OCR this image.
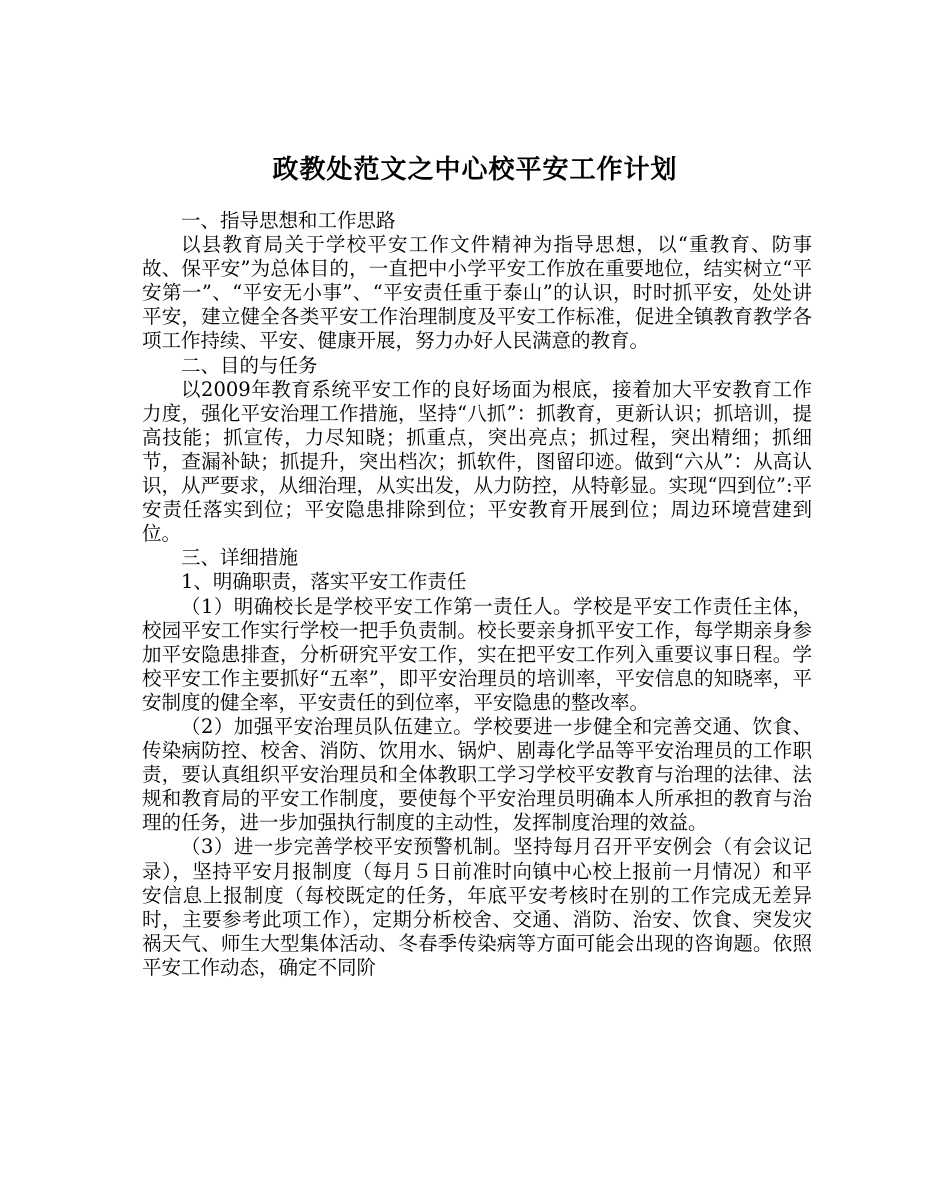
政教处范文之中心校平安工作计划

一、指导思想和工作思路

以县教育局关于学校平安工作文件精神为指导思想，以“重教育、防事故、保平安”为总体目的，一直把中小学平安工作放在重要地位，结实树立“平安第一”、“平安无小事”、“平安责任重于泰山”的认识，时时抓平安，处处讲平安，建立健全各类平安工作治理制度及平安工作标准，促进全镇教育教学各项工作持续、平安、健康开展，努力办好人民满意的教育。

二、目的与任务

以2009年教育系统平安工作的良好场面为根底，接着加大平安教育工作力度，强化平安治理工作措施，坚持“八抓”：抓教育，更新认识；抓培训，提高技能；抓宣传，力尽知晓；抓重点，突出亮点；抓过程，突出精细；抓细节，查漏补缺；抓提升，突出档次；抓软件，图留印迹。做到“六从”：从高认识，从严要求，从细治理，从实出发，从力防控，从特彰显。实现“四到位”:平安责任落实到位；平安隐患排除到位；平安教育开展到位；周边环境营建到位。

三、详细措施

1、明确职责，落实平安工作责任

（1）明确校长是学校平安工作第一责任人。学校是平安工作责任主体，校园平安工作实行学校一把手负责制。校长要亲身抓平安工作，每学期亲身参加平安隐患排查，分析研究平安工作，实在把平安工作列入重要议事日程。学校平安工作主要抓好“五率”，即平安治理员的培训率，平安信息的知晓率，平安制度的健全率，平安责任的到位率，平安隐患的整改率。

（2）加强平安治理员队伍建立。学校要进一步健全和完善交通、饮食、传染病防控、校舍、消防、饮用水、锅炉、剧毒化学品等平安治理员的工作职责，要认真组织平安治理员和全体教职工学习学校平安教育与治理的法律、法规和教育局的平安工作制度，要使每个平安治理员明确本人所承担的教育与治理的任务，进一步加强执行制度的主动性，发挥制度治理的效益。

（3）进一步完善学校平安预警机制。坚持每月召开平安例会（有会议记录），坚持平安月报制度（每月５日前准时向镇中心校上报前一月情况）和平安信息上报制度（每校既定的任务，年底平安考核时在别的工作完成无差异时，主要参考此项工作），定期分析校舍、交通、消防、治安、饮食、突发灾祸天气、师生大型集体活动、冬春季传染病等方面可能会出现的咨询题。依照平安工作动态，确定不同阶
